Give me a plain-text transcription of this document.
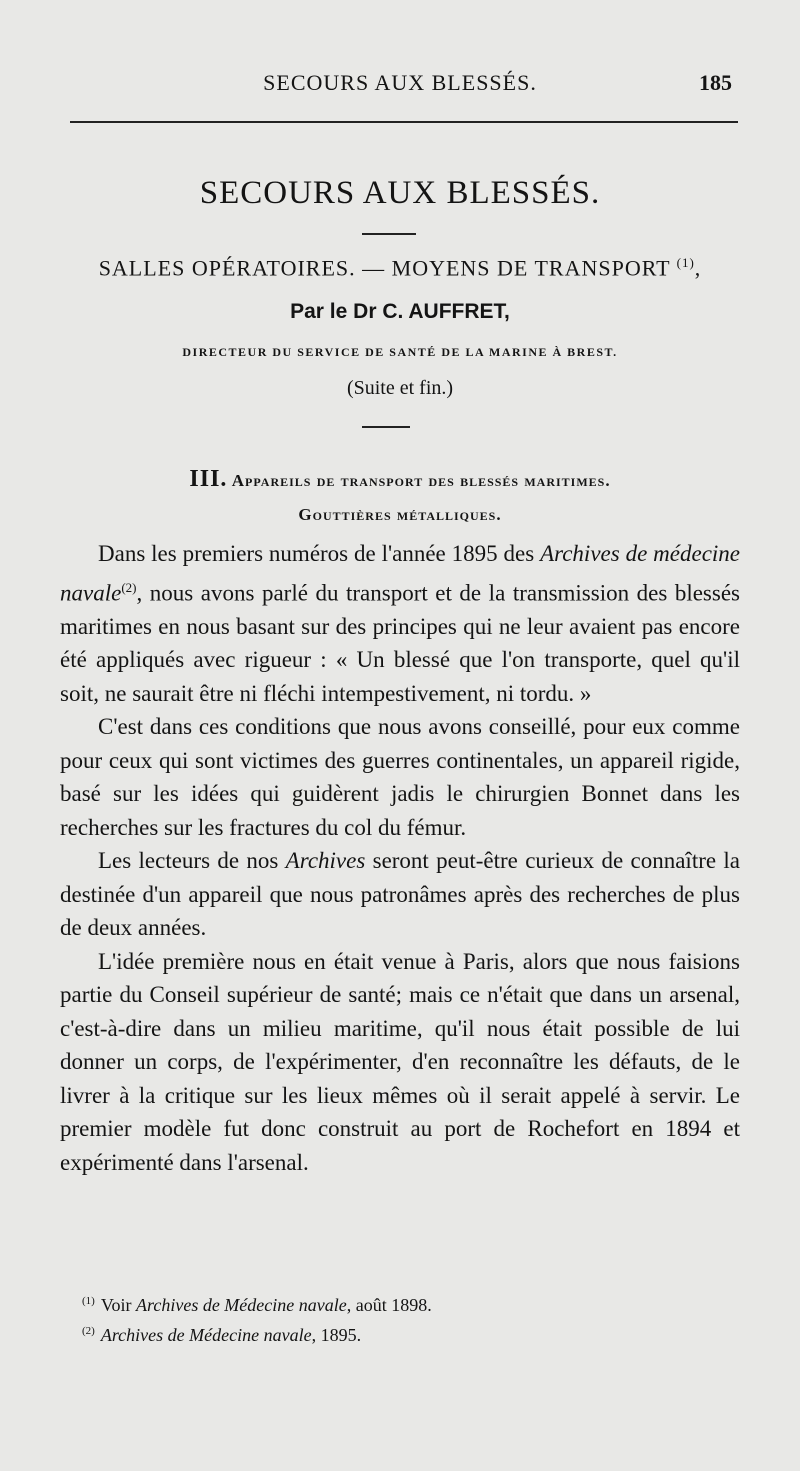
SECOURS AUX BLESSÉS.	185
SECOURS AUX BLESSÉS.
SALLES OPÉRATOIRES. — MOYENS DE TRANSPORT $^{(1)}$,
Par le Dr C. AUFFRET,
DIRECTEUR DU SERVICE DE SANTÉ DE LA MARINE À BREST.
(Suite et fin.)
III. Appareils de transport des blessés maritimes.
Gouttières métalliques.

Dans les premiers numéros de l'année 1895 des Archives de médecine navale$^{(2)}$, nous avons parlé du transport et de la transmission des blessés maritimes en nous basant sur des principes qui ne leur avaient pas encore été appliqués avec rigueur : « Un blessé que l'on transporte, quel qu'il soit, ne saurait être ni fléchi intempestivement, ni tordu. »

C'est dans ces conditions que nous avons conseillé, pour eux comme pour ceux qui sont victimes des guerres continentales, un appareil rigide, basé sur les idées qui guidèrent jadis le chirurgien Bonnet dans les recherches sur les fractures du col du fémur.

Les lecteurs de nos Archives seront peut-être curieux de connaître la destinée d'un appareil que nous patronâmes après des recherches de plus de deux années.

L'idée première nous en était venue à Paris, alors que nous faisions partie du Conseil supérieur de santé; mais ce n'était que dans un arsenal, c'est-à-dire dans un milieu maritime, qu'il nous était possible de lui donner un corps, de l'expérimenter, d'en reconnaître les défauts, de le livrer à la critique sur les lieux mêmes où il serait appelé à servir. Le premier modèle fut donc construit au port de Rochefort en 1894 et expérimenté dans l'arsenal.

$^{(1)}$ Voir Archives de Médecine navale, août 1898.
$^{(2)}$ Archives de Médecine navale, 1895.
